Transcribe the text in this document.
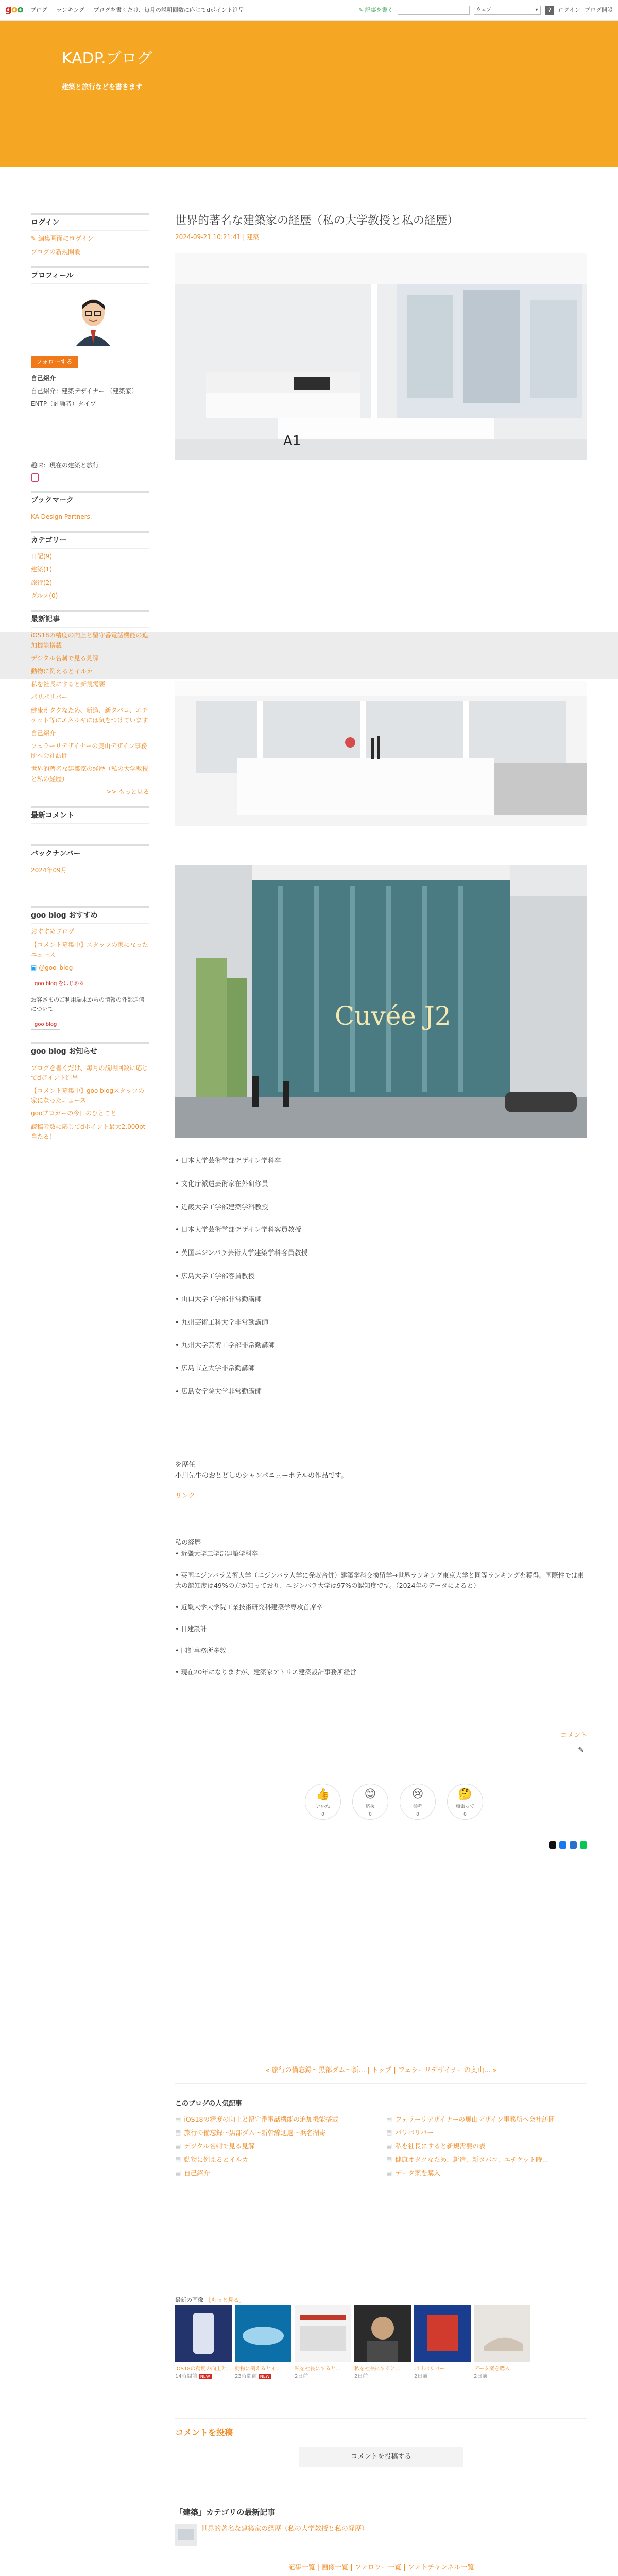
goo ブログ ランキング ブログを書くだけ、毎月の説明回数に応じてdポイント進呈	✎ 記事を書く	ウェブ	▾ ⚲ ログイン ブログ開設
KADP.ブログ
建築と旅行などを書きます
ログイン
✎ 編集画面にログイン
ブログの新規開設
プロフィール
フォローする

自己紹介

自己紹介：建築デザイナー （建築家）

ENTP（討論者）タイプ

趣味：現在の建築と旅行

ブックマーク
KA Design Partners.
カテゴリー
日記(9)
建築(1)
旅行(2)
グルメ(0)
最新記事
iOS18の精度の向上と留守番電話機能の追加機能搭載
デジタル名刺で見る見解
動物に例えるとイルカ
私を社長にすると新規需要
パリパリバー
健康オタクなため、新造、新タバコ、エチケット等にエネルギには気をつけています
自己紹介
フェラーリデザイナーの奥山デザイン事務所へ会社訪問
世界的著名な建築家の経歴（私の大学教授と私の経歴）
>> もっと見る
最新コメント
バックナンバー
2024年09月
goo blog おすすめ
おすすめブログ
【コメント募集中】スタッフの家になったニュース
▣ @goo_blog
goo blog をはじめる

お客さまのご利用端末からの情報の外部送信について

goo blog
goo blog お知らせ
ブログを書くだけ、毎月の説明回数に応じてdポイント進呈
【コメント募集中】goo blogスタッフの家になったニュース
gooブロガーの今日のひとこと
読稿者数に応じてdポイント最大2,000pt当たる！
世界的著名な建築家の経歴（私の大学教授と私の経歴）
2024-09-21 10:21:41 | 建築
A1
Cuvée J2
• 日本大学芸術学部デザイン学科卒
• 文化庁派遣芸術家在外研修員
• 近畿大学工学部建築学科教授
• 日本大学芸術学部デザイン学科客員教授
• 英国エジンバラ芸術大学建築学科客員教授
• 広島大学工学部客員教授
• 山口大学工学部非常勤講師
• 九州芸術工科大学非常勤講師
• 九州大学芸術工学部非常勤講師
• 広島市立大学非常勤講師
• 広島女学院大学非常勤講師
を歴任
小川先生のおとどしのシャンパニューホテルの作品です。
リンク

私の経歴

• 近畿大学工学部建築学科卒

• 英国エジンバラ芸術大学（エジンバラ大学に発収合併）建築学科交換留学→世界ランキング東京大学と同等ランキングを獲得。国際性では東大の認知度は49%の方が知っており、エジンバラ大学は97%の認知度です。（2024年のデータによると）

• 近畿大学大学院工業技術研究科建築学専攻首席卒

• 日建設計

• 国計事務所多数

• 現在20年になりますが、建築家アトリエ建築設計事務所経営

コメント
✎
👍
いいね
0
😊
応援
0
😢
参考
0
🤔
頑張って
0
« 旅行の備忘録〜黒部ダム〜新... | トップ | フェラーリデザイナーの奥山... »
このブログの人気記事
▤ iOS18の精度の向上と留守番電話機能の追加機能搭載	▤ フェラーリデザイナーの奥山デザイン事務所へ会社訪問
▤ 旅行の備忘録〜黒部ダム〜新幹線通過〜浜名湖寄	▤ パリパリバー
▤ デジタル名刺で見る見解	▤ 私を社長にすると新規需要の表
▤ 動物に例えるとイルカ	▤ 健康オタクなため、新造、新タバコ、エチケット時...
▤ 自己紹介	▤ データ案を購入
最新の画像 ［もっと見る］
iOS18の精度の向上と...
14時間前 NEW
動物に例えるとイ...
23時間前 NEW
私を社長にすると...
2日前
私を社長にすると...
2日前
パリパリバー
2日前
データ案を購入
2日前
コメントを投稿
コメントを投稿する
「建築」カテゴリの最新記事
世界的著名な建築家の経歴（私の大学教授と私の経歴）
記事一覧 | 画像一覧 | フォロワー一覧 | フォトチャンネル一覧
